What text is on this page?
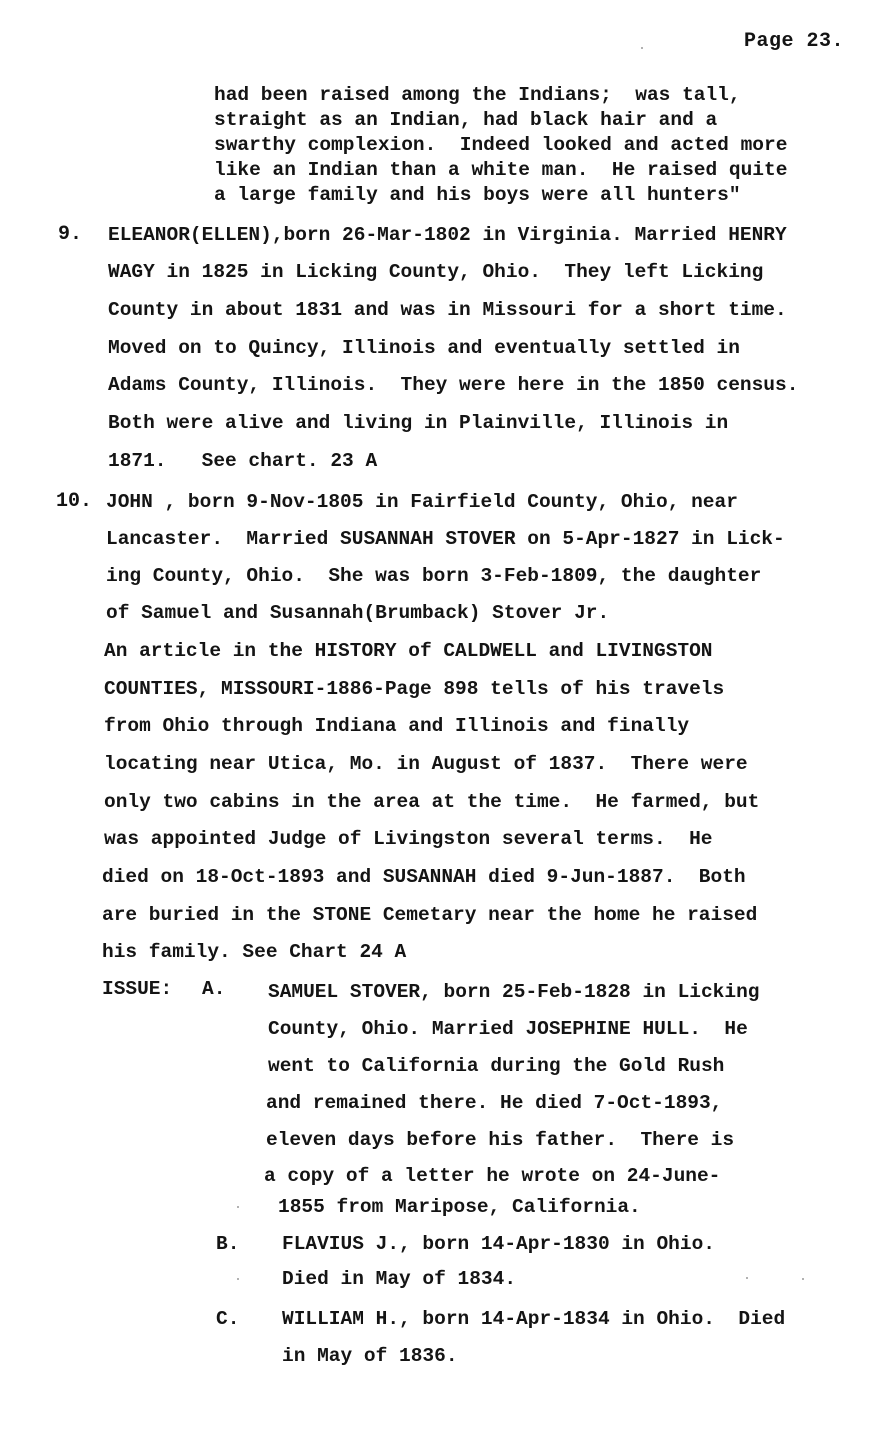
Page 23.
had been raised among the Indians;  was tall,
straight as an Indian, had black hair and a
swarthy complexion.  Indeed looked and acted more
like an Indian than a white man.  He raised quite
a large family and his boys were all hunters"
9. ELEANOR(ELLEN),born 26-Mar-1802 in Virginia. Married HENRY
WAGY in 1825 in Licking County, Ohio.  They left Licking
County in about 1831 and was in Missouri for a short time.
Moved on to Quincy, Illinois and eventually settled in
Adams County, Illinois.  They were here in the 1850 census.
Both were alive and living in Plainville, Illinois in
1871.   See chart. 23 A
10. JOHN , born 9-Nov-1805 in Fairfield County, Ohio, near
Lancaster.  Married SUSANNAH STOVER on 5-Apr-1827 in Lick-
ing County, Ohio.  She was born 3-Feb-1809, the daughter
of Samuel and Susannah(Brumback) Stover Jr.
An article in the HISTORY of CALDWELL and LIVINGSTON
COUNTIES, MISSOURI-1886-Page 898 tells of his travels
from Ohio through Indiana and Illinois and finally
locating near Utica, Mo. in August of 1837.  There were
only two cabins in the area at the time.  He farmed, but
was appointed Judge of Livingston several terms.  He
died on 18-Oct-1893 and SUSANNAH died 9-Jun-1887.  Both
are buried in the STONE Cemetary near the home he raised
his family. See Chart 24 A
ISSUE: A. SAMUEL STOVER, born 25-Feb-1828 in Licking
County, Ohio. Married JOSEPHINE HULL.  He
went to California during the Gold Rush
and remained there. He died 7-Oct-1893,
eleven days before his father.  There is
a copy of a letter he wrote on 24-June-
1855 from Maripose, California.
B. FLAVIUS J., born 14-Apr-1830 in Ohio.
Died in May of 1834.
C. WILLIAM H., born 14-Apr-1834 in Ohio.  Died
in May of 1836.
